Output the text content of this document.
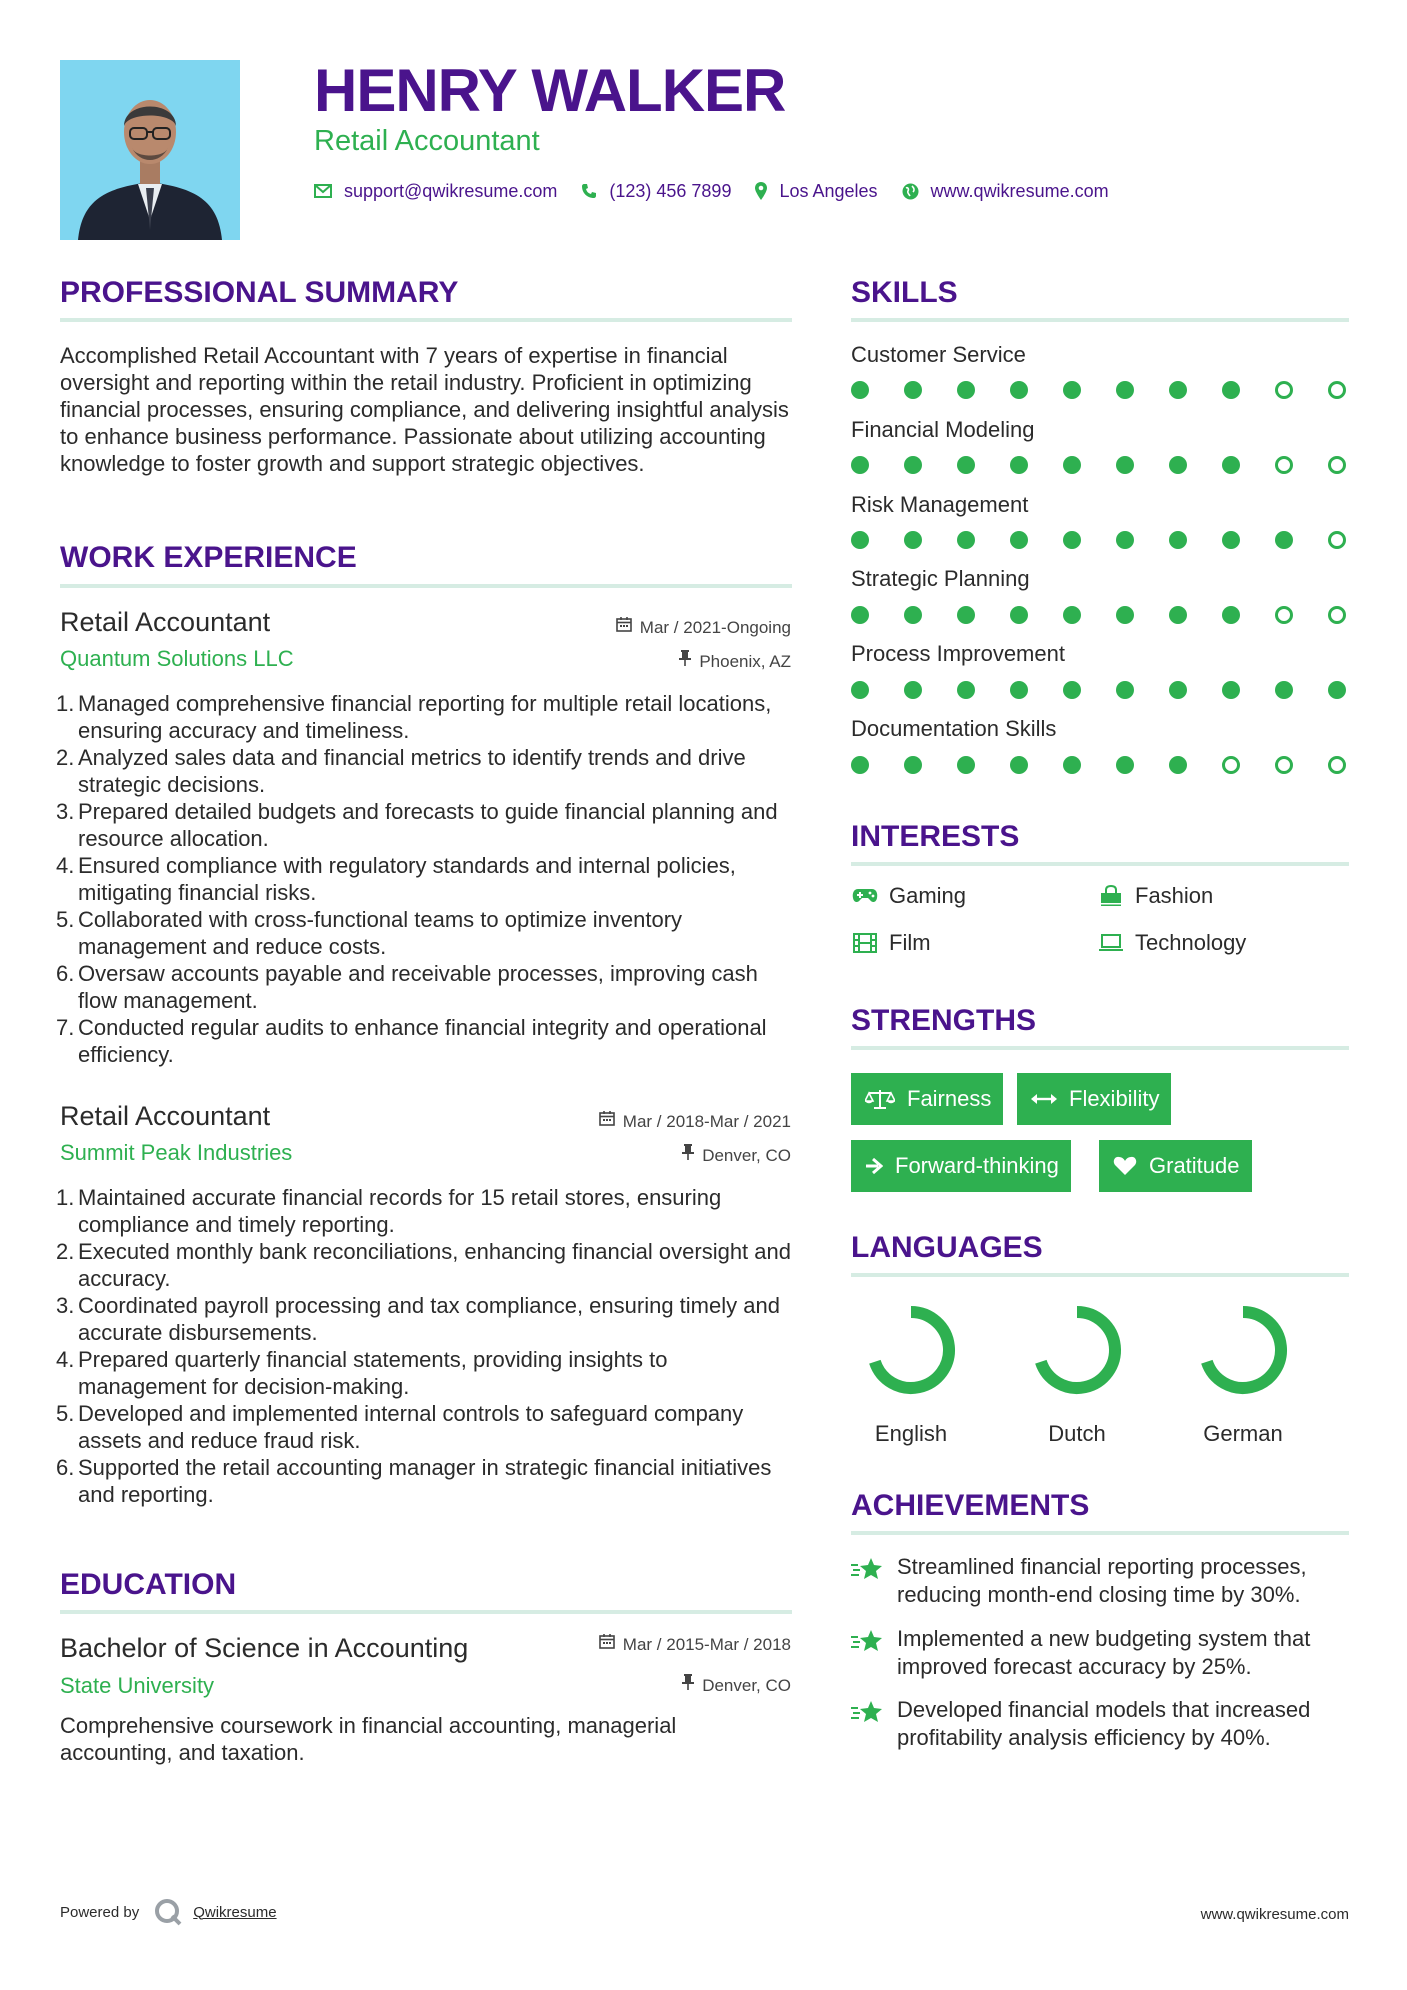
HENRY WALKER
Retail Accountant
support@qwikresume.com	(123) 456 7899	Los Angeles	www.qwikresume.com
PROFESSIONAL SUMMARY
Accomplished Retail Accountant with 7 years of expertise in financial oversight and reporting within the retail industry. Proficient in optimizing financial processes, ensuring compliance, and delivering insightful analysis to enhance business performance. Passionate about utilizing accounting knowledge to foster growth and support strategic objectives.
WORK EXPERIENCE
Retail Accountant	Mar / 2021-Ongoing
Quantum Solutions LLC	Phoenix, AZ
1. Managed comprehensive financial reporting for multiple retail locations, ensuring accuracy and timeliness.
2. Analyzed sales data and financial metrics to identify trends and drive strategic decisions.
3. Prepared detailed budgets and forecasts to guide financial planning and resource allocation.
4. Ensured compliance with regulatory standards and internal policies, mitigating financial risks.
5. Collaborated with cross-functional teams to optimize inventory management and reduce costs.
6. Oversaw accounts payable and receivable processes, improving cash flow management.
7. Conducted regular audits to enhance financial integrity and operational efficiency.
Retail Accountant	Mar / 2018-Mar / 2021
Summit Peak Industries	Denver, CO
1. Maintained accurate financial records for 15 retail stores, ensuring compliance and timely reporting.
2. Executed monthly bank reconciliations, enhancing financial oversight and accuracy.
3. Coordinated payroll processing and tax compliance, ensuring timely and accurate disbursements.
4. Prepared quarterly financial statements, providing insights to management for decision-making.
5. Developed and implemented internal controls to safeguard company assets and reduce fraud risk.
6. Supported the retail accounting manager in strategic financial initiatives and reporting.
EDUCATION
Bachelor of Science in Accounting	Mar / 2015-Mar / 2018
State University	Denver, CO
Comprehensive coursework in financial accounting, managerial accounting, and taxation.
SKILLS
Customer Service
Financial Modeling
Risk Management
Strategic Planning
Process Improvement
Documentation Skills
INTERESTS
Gaming	Fashion
Film	Technology
STRENGTHS
Fairness	Flexibility
Forward-thinking	Gratitude
LANGUAGES
English	Dutch	German
ACHIEVEMENTS
Streamlined financial reporting processes, reducing month-end closing time by 30%.
Implemented a new budgeting system that improved forecast accuracy by 25%.
Developed financial models that increased profitability analysis efficiency by 40%.
Powered by	Qwikresume	www.qwikresume.com
